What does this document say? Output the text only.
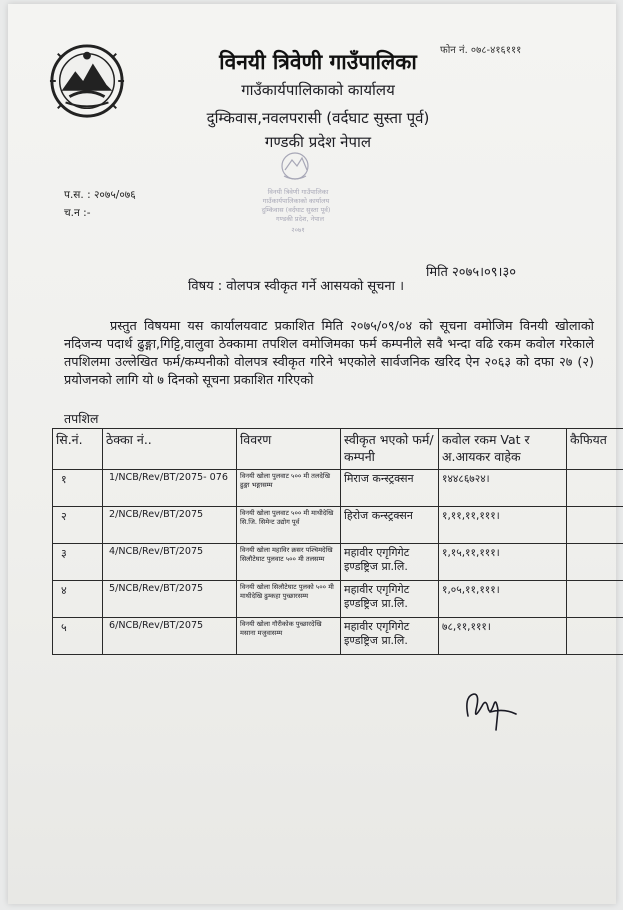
फोन नं. ०७८-४१६१११
विनयी त्रिवेणी गाउँपालिका
गाउँकार्यपालिकाको कार्यालय
दुम्किवास,नवलपरासी (वर्दघाट सुस्ता पूर्व)
गण्डकी प्रदेश नेपाल
प.स. : २०७५/०७६
च.न :-
विनयी त्रिवेणी गाउँपालिका
गाउँकार्यपालिकाको कार्यालय
दुम्किवास (वर्दघाट सुस्ता पूर्व)
गण्डकी प्रदेश, नेपाल
२०७१
मिति २०७५।०९।३०
विषय : वोलपत्र स्वीकृत गर्ने आसयको सूचना ।
प्रस्तुत विषयमा यस कार्यालयवाट प्रकाशित मिति २०७५/०९/०४ को सूचना वमोजिम विनयी खोलाको नदिजन्य पदार्थ ढुङ्गा,गिट्टि,वालुवा ठेक्कामा तपशिल वमोजिमका फर्म कम्पनीले सवै भन्दा वढि रकम कवोल गरेकाले तपशिलमा उल्लेखित फर्म/कम्पनीको वोलपत्र स्वीकृत गरिने भएकोले सार्वजनिक खरिद ऐन २०६३ को दफा २७ (२) प्रयोजनको लागि यो ७ दिनको सूचना प्रकाशित गरिएको
तपशिल
सि.नं.	ठेक्का नं..	विवरण	स्वीकृत भएको फर्म/कम्पनी	कवोल रकम Vat र अ.आयकर वाहेक	कैफियत
१	1/NCB/Rev/BT/2075- 076	विनयी खोला पुलवाट ५०० मी तलदेखि ढुङ्गा भङ्गासम्म	मिराज कन्स्ट्रक्सन	१४४८६७२४।	
२	2/NCB/Rev/BT/2075	विनयी खोला पुलवाट ५०० मी माथीदेखि सि.जि. सिमेन्ट उद्योग पूर्व	हिरोज कन्स्ट्रक्सन	१,११,११,१११।	
३	4/NCB/Rev/BT/2075	विनयी खोला महाविर क्रसर पश्चिमदेखि सिलौटेघाट पुलवाट ५०० मी तलसम्म	महावीर एगृगिगेट इण्डष्ट्रिज प्रा.लि.	१,१५,११,१११।	
४	5/NCB/Rev/BT/2075	विनयी खोला सिलौटेघाट पुलको ५०० मी माथीदेखि ढुम्कहा पुच्छारसम्म	महावीर एगृगिगेट इण्डष्ट्रिज प्रा.लि.	१,०५,११,१११।	
५	6/NCB/Rev/BT/2075	विनयी खोला गौरीकोक पुच्छारदेखि मसाना मजुवासम्म	महावीर एगृगिगेट इण्डष्ट्रिज प्रा.लि.	७८,११,१११।	
